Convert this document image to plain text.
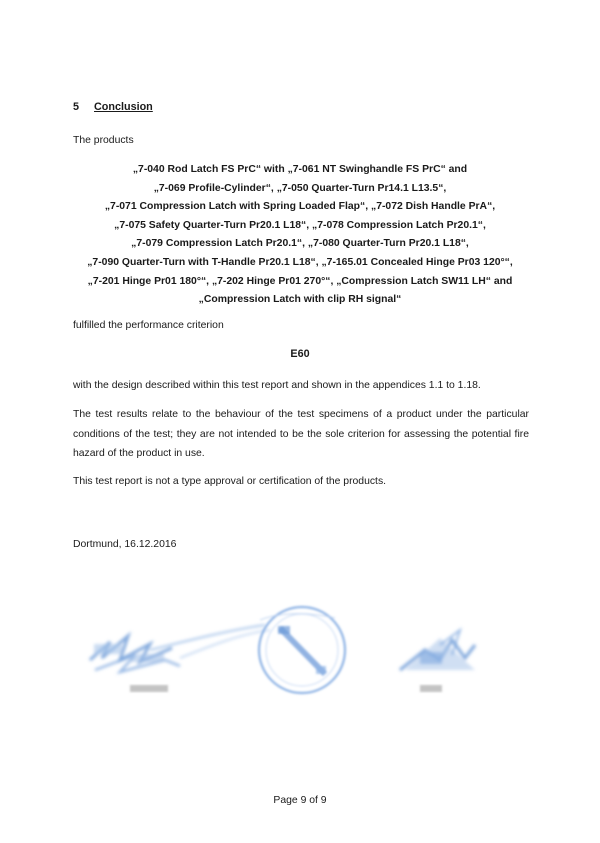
5 Conclusion
The products
„7-040 Rod Latch FS PrC“ with „7-061 NT Swinghandle FS PrC“ and
„7-069 Profile-Cylinder“, „7-050 Quarter-Turn Pr14.1 L13.5“,
„7-071 Compression Latch with Spring Loaded Flap“, „7-072 Dish Handle PrA“,
„7-075 Safety Quarter-Turn Pr20.1 L18“, „7-078 Compression Latch Pr20.1“,
„7-079 Compression Latch Pr20.1“, „7-080 Quarter-Turn Pr20.1 L18“,
„7-090 Quarter-Turn with T-Handle Pr20.1 L18“, „7-165.01 Concealed Hinge Pr03 120°“,
„7-201 Hinge Pr01 180°“, „7-202 Hinge Pr01 270°“, „Compression Latch SW11 LH“ and
„Compression Latch with clip RH signal“
fulfilled the performance criterion
E60
with the design described within this test report and shown in the appendices 1.1 to 1.18.
The test results relate to the behaviour of the test specimens of a product under the particular conditions of the test; they are not intended to be the sole criterion for assessing the potential fire hazard of the product in use.
This test report is not a type approval or certification of the products.
Dortmund, 16.12.2016
Page 9 of 9
